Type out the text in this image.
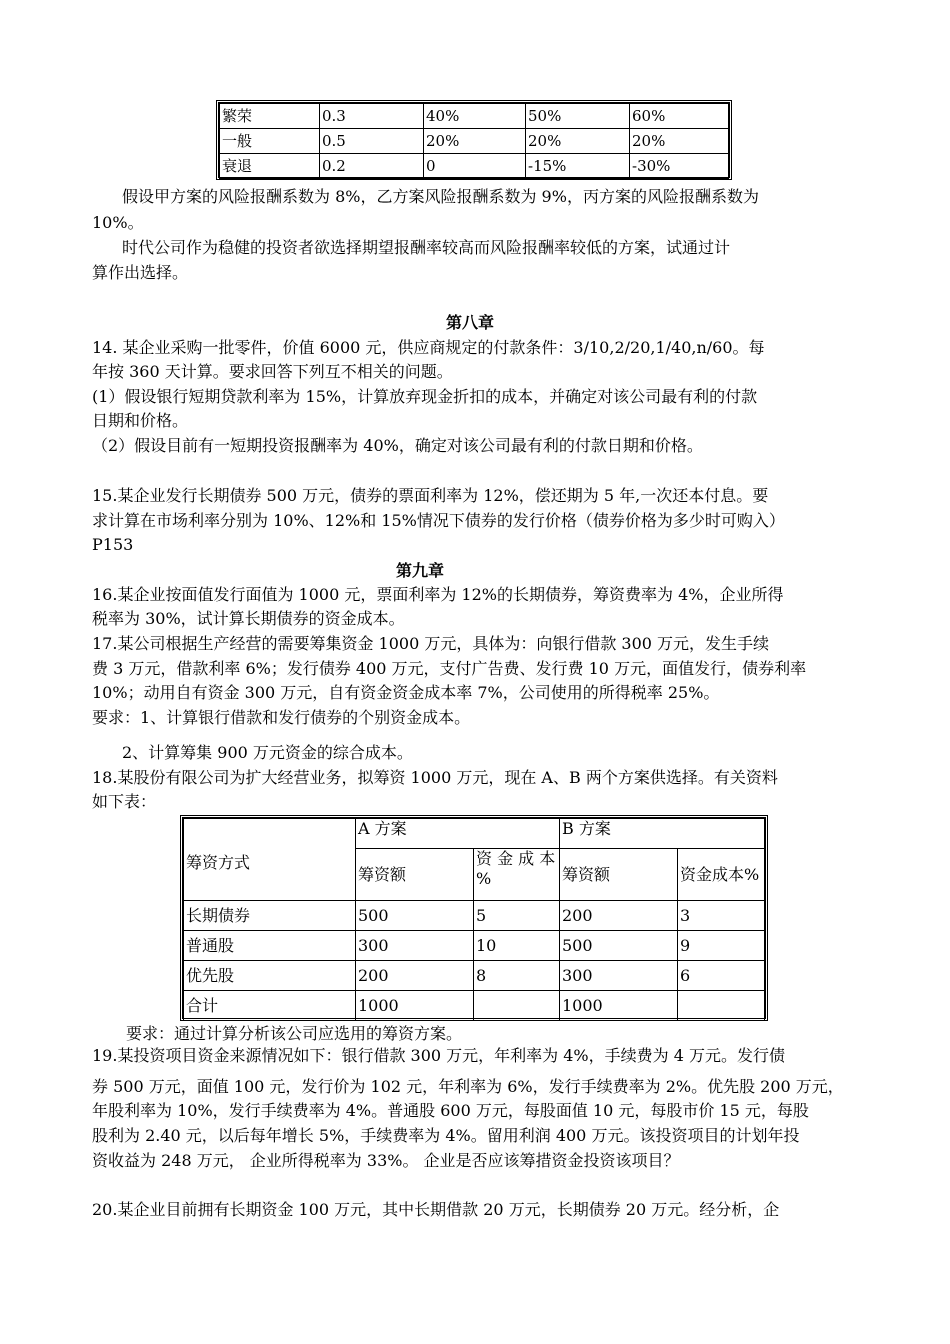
繁荣	0.3	40%	50%	60%
一般	0.5	20%	20%	20%
衰退	0.2	0	-15%	-30%
假设甲方案的风险报酬系数为 8%，乙方案风险报酬系数为 9%，丙方案的风险报酬系数为
10%。
时代公司作为稳健的投资者欲选择期望报酬率较高而风险报酬率较低的方案，试通过计
算作出选择。
第八章
14. 某企业采购一批零件，价值 6000 元，供应商规定的付款条件：3/10,2/20,1/40,n/60。每
年按 360 天计算。要求回答下列互不相关的问题。
(1）假设银行短期贷款利率为 15%，计算放弃现金折扣的成本，并确定对该公司最有利的付款
日期和价格。
（2）假设目前有一短期投资报酬率为 40%，确定对该公司最有利的付款日期和价格。
15.某企业发行长期债券 500 万元，债券的票面利率为 12%，偿还期为 5 年,一次还本付息。要
求计算在市场利率分别为 10%、12%和 15%情况下债券的发行价格（债券价格为多少时可购入）
P153
第九章
16.某企业按面值发行面值为 1000 元，票面利率为 12%的长期债券，筹资费率为 4%，企业所得
税率为 30%，试计算长期债券的资金成本。
17.某公司根据生产经营的需要筹集资金 1000 万元，具体为：向银行借款 300 万元，发生手续
费 3 万元，借款利率 6%；发行债券 400 万元，支付广告费、发行费 10 万元，面值发行，债券利率
10%；动用自有资金 300 万元，自有资金资金成本率 7%，公司使用的所得税率 25%。
要求：1、计算银行借款和发行债券的个别资金成本。
2、计算筹集 900 万元资金的综合成本。
18.某股份有限公司为扩大经营业务，拟筹资 1000 万元，现在 A、B 两个方案供选择。有关资料
如下表：
筹资方式	A 方案		B 方案	
	筹资额	资 金 成 本 %	筹资额	资金成本%
长期债券	500	5	200	3
普通股	300	10	500	9
优先股	200	8	300	6
合计	1000		1000	
要求：通过计算分析该公司应选用的筹资方案。
19.某投资项目资金来源情况如下：银行借款 300 万元，年利率为 4%，手续费为 4 万元。发行债
券 500 万元，面值 100 元，发行价为 102 元，年利率为 6%，发行手续费率为 2%。优先股 200 万元，
年股利率为 10%，发行手续费率为 4%。普通股 600 万元，每股面值 10 元，每股市价 15 元，每股
股利为 2.40 元，以后每年增长 5%，手续费率为 4%。留用利润 400 万元。该投资项目的计划年投
资收益为 248 万元， 企业所得税率为 33%。 企业是否应该筹措资金投资该项目？
20.某企业目前拥有长期资金 100 万元，其中长期借款 20 万元，长期债券 20 万元。经分析，企
